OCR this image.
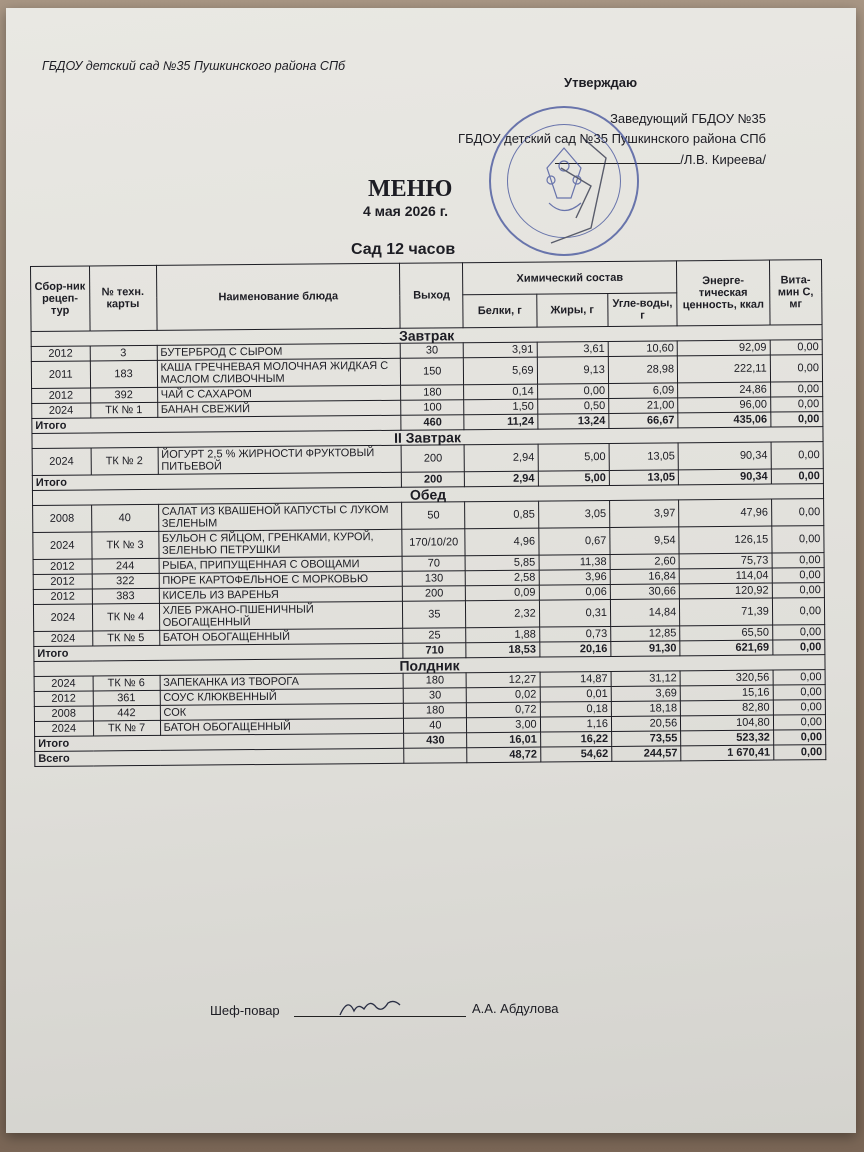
ГБДОУ детский сад №35 Пушкинского района СПб
Утверждаю
Заведующий ГБДОУ №35
ГБДОУ детский сад №35 Пушкинского района СПб
/Л.В. Киреева/
МЕНЮ
4 мая 2026 г.
Сад 12 часов
Сбор-ник рецеп-тур	№ техн. карты	Наименование блюда	Выход	Химический состав			Энерге-тическая ценность, ккал	Вита-мин С, мг
				Белки, г	Жиры, г	Угле-воды, г		
Завтрак								
2012	3	БУТЕРБРОД С СЫРОМ	30	3,91	3,61	10,60	92,09	0,00
2011	183	КАША ГРЕЧНЕВАЯ МОЛОЧНАЯ ЖИДКАЯ С МАСЛОМ СЛИВОЧНЫМ	150	5,69	9,13	28,98	222,11	0,00
2012	392	ЧАЙ С САХАРОМ	180	0,14	0,00	6,09	24,86	0,00
2024	ТК № 1	БАНАН СВЕЖИЙ	100	1,50	0,50	21,00	96,00	0,00
Итого			460	11,24	13,24	66,67	435,06	0,00
II Завтрак								
2024	ТК № 2	ЙОГУРТ 2,5 % ЖИРНОСТИ ФРУКТОВЫЙ ПИТЬЕВОЙ	200	2,94	5,00	13,05	90,34	0,00
Итого			200	2,94	5,00	13,05	90,34	0,00
Обед								
2008	40	САЛАТ ИЗ КВАШЕНОЙ КАПУСТЫ С ЛУКОМ ЗЕЛЕНЫМ	50	0,85	3,05	3,97	47,96	0,00
2024	ТК № 3	БУЛЬОН С ЯЙЦОМ, ГРЕНКАМИ, КУРОЙ, ЗЕЛЕНЬЮ ПЕТРУШКИ	170/10/20	4,96	0,67	9,54	126,15	0,00
2012	244	РЫБА, ПРИПУЩЕННАЯ С ОВОЩАМИ	70	5,85	11,38	2,60	75,73	0,00
2012	322	ПЮРЕ КАРТОФЕЛЬНОЕ С МОРКОВЬЮ	130	2,58	3,96	16,84	114,04	0,00
2012	383	КИСЕЛЬ ИЗ ВАРЕНЬЯ	200	0,09	0,06	30,66	120,92	0,00
2024	ТК № 4	ХЛЕБ РЖАНО-ПШЕНИЧНЫЙ ОБОГАЩЕННЫЙ	35	2,32	0,31	14,84	71,39	0,00
2024	ТК № 5	БАТОН ОБОГАЩЕННЫЙ	25	1,88	0,73	12,85	65,50	0,00
Итого			710	18,53	20,16	91,30	621,69	0,00
Полдник								
2024	ТК № 6	ЗАПЕКАНКА ИЗ ТВОРОГА	180	12,27	14,87	31,12	320,56	0,00
2012	361	СОУС КЛЮКВЕННЫЙ	30	0,02	0,01	3,69	15,16	0,00
2008	442	СОК	180	0,72	0,18	18,18	82,80	0,00
2024	ТК № 7	БАТОН ОБОГАЩЕННЫЙ	40	3,00	1,16	20,56	104,80	0,00
Итого			430	16,01	16,22	73,55	523,32	0,00
Всего				48,72	54,62	244,57	1 670,41	0,00
Шеф-повар	А.А. Абдулова
